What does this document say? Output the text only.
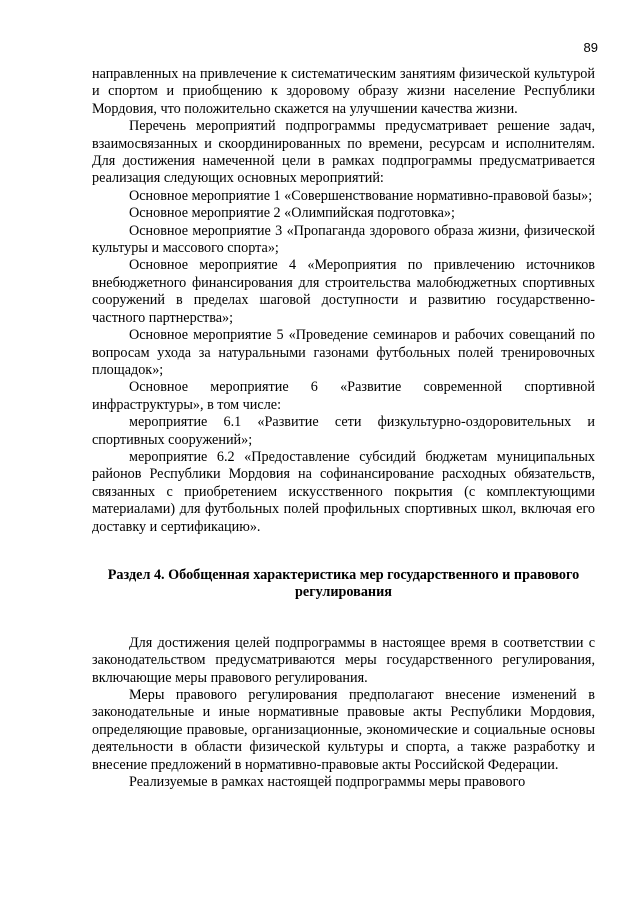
89

направленных на привлечение к систематическим занятиям физической культурой и спортом и приобщению к здоровому образу жизни население Республики Мордовия, что положительно скажется на улучшении качества жизни.

Перечень мероприятий подпрограммы предусматривает решение задач, взаимосвязанных и скоординированных по времени, ресурсам и исполнителям. Для достижения намеченной цели в рамках подпрограммы предусматривается реализация следующих основных мероприятий:

Основное мероприятие 1 «Совершенствование нормативно-правовой базы»;

Основное мероприятие 2 «Олимпийская подготовка»;

Основное мероприятие 3 «Пропаганда здорового образа жизни, физической культуры и массового спорта»;

Основное мероприятие 4 «Мероприятия по привлечению источников внебюджетного финансирования для строительства малобюджетных спортивных сооружений в пределах шаговой доступности и развитию государственно-частного партнерства»;

Основное мероприятие 5 «Проведение семинаров и рабочих совещаний по вопросам ухода за натуральными газонами футбольных полей тренировочных площадок»;

Основное мероприятие 6 «Развитие современной спортивной инфраструктуры», в том числе:

мероприятие 6.1 «Развитие сети физкультурно-оздоровительных и спортивных сооружений»;

мероприятие 6.2 «Предоставление субсидий бюджетам муниципальных районов Республики Мордовия на софинансирование расходных обязательств, связанных с приобретением искусственного покрытия (с комплектующими материалами) для футбольных полей профильных спортивных школ, включая его доставку и сертификацию».

Раздел 4. Обобщенная характеристика мер государственного и правового регулирования

Для достижения целей подпрограммы в настоящее время в соответствии с законодательством предусматриваются меры государственного регулирования, включающие меры правового регулирования.

Меры правового регулирования предполагают внесение изменений в законодательные и иные нормативные правовые акты Республики Мордовия, определяющие правовые, организационные, экономические и социальные основы деятельности в области физической культуры и спорта, а также разработку и внесение предложений в нормативно-правовые акты Российской Федерации.

Реализуемые в рамках настоящей подпрограммы меры правового
